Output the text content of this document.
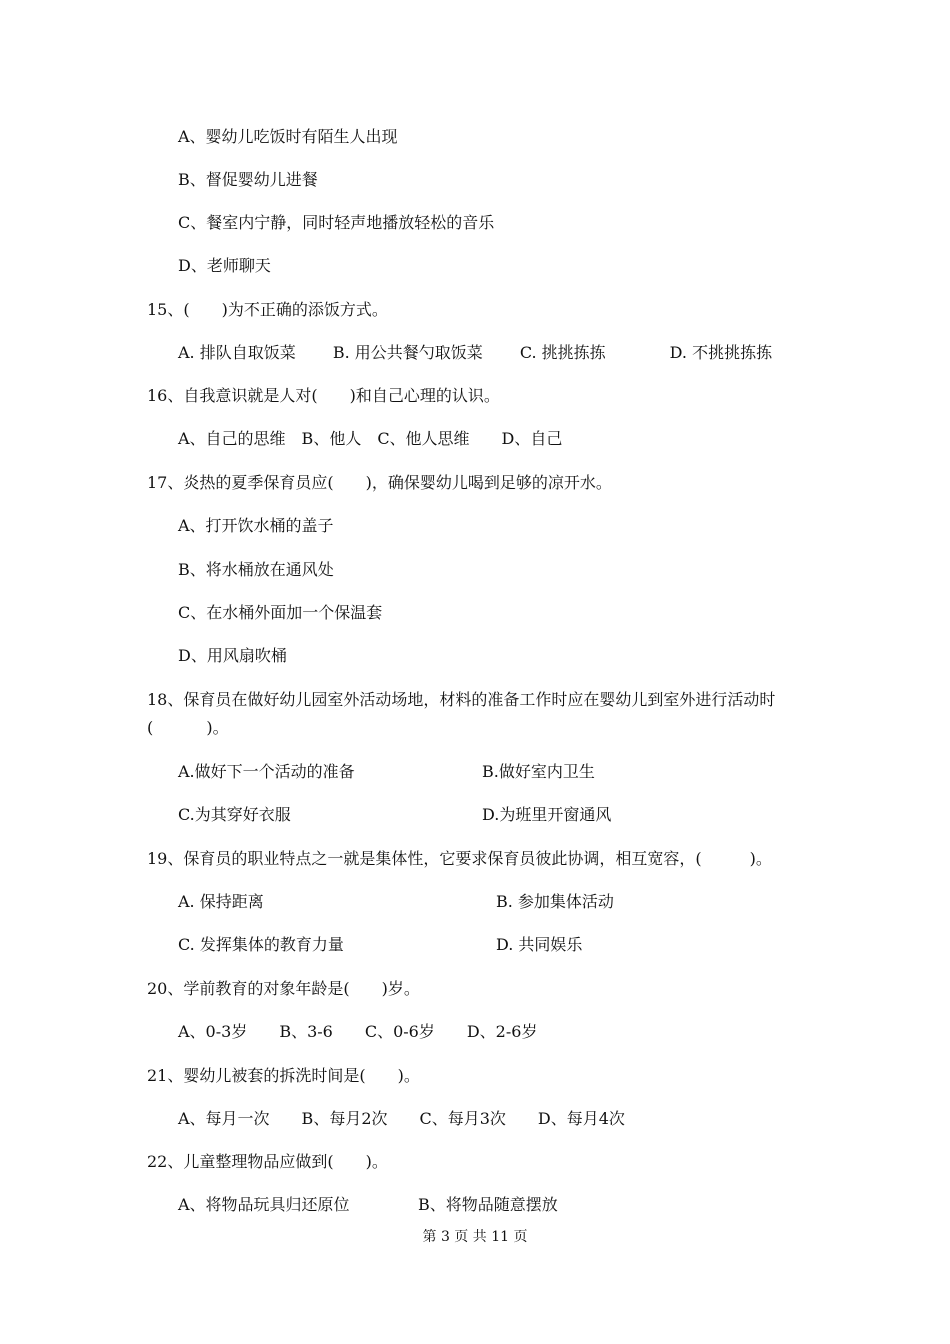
A、婴幼儿吃饭时有陌生人出现
B、督促婴幼儿进餐
C、餐室内宁静，同时轻声地播放轻松的音乐
D、老师聊天
15、(　　)为不正确的添饭方式。
A. 排队自取饭菜　　 B. 用公共餐勺取饭菜　　 C. 挑挑拣拣　　　　D. 不挑挑拣拣
16、自我意识就是人对(　　)和自己心理的认识。
A、自己的思维　B、他人　C、他人思维　　D、自己
17、炎热的夏季保育员应(　　)，确保婴幼儿喝到足够的凉开水。
A、打开饮水桶的盖子
B、将水桶放在通风处
C、在水桶外面加一个保温套
D、用风扇吹桶
18、保育员在做好幼儿园室外活动场地，材料的准备工作时应在婴幼儿到室外进行活动时
(　　　 )。
A.做好下一个活动的准备	B.做好室内卫生
C.为其穿好衣服	D.为班里开窗通风
19、保育员的职业特点之一就是集体性，它要求保育员彼此协调，相互宽容，(　　　)。
A. 保持距离	B. 参加集体活动
C. 发挥集体的教育力量	D. 共同娱乐
20、学前教育的对象年龄是(　　)岁。
A、0-3岁　　B、3-6　　C、0-6岁　　D、2-6岁
21、婴幼儿被套的拆洗时间是(　　)。
A、每月一次　　B、每月2次　　C、每月3次　　D、每月4次
22、儿童整理物品应做到(　　)。
A、将物品玩具归还原位	B、将物品随意摆放
第 3 页 共 11 页
